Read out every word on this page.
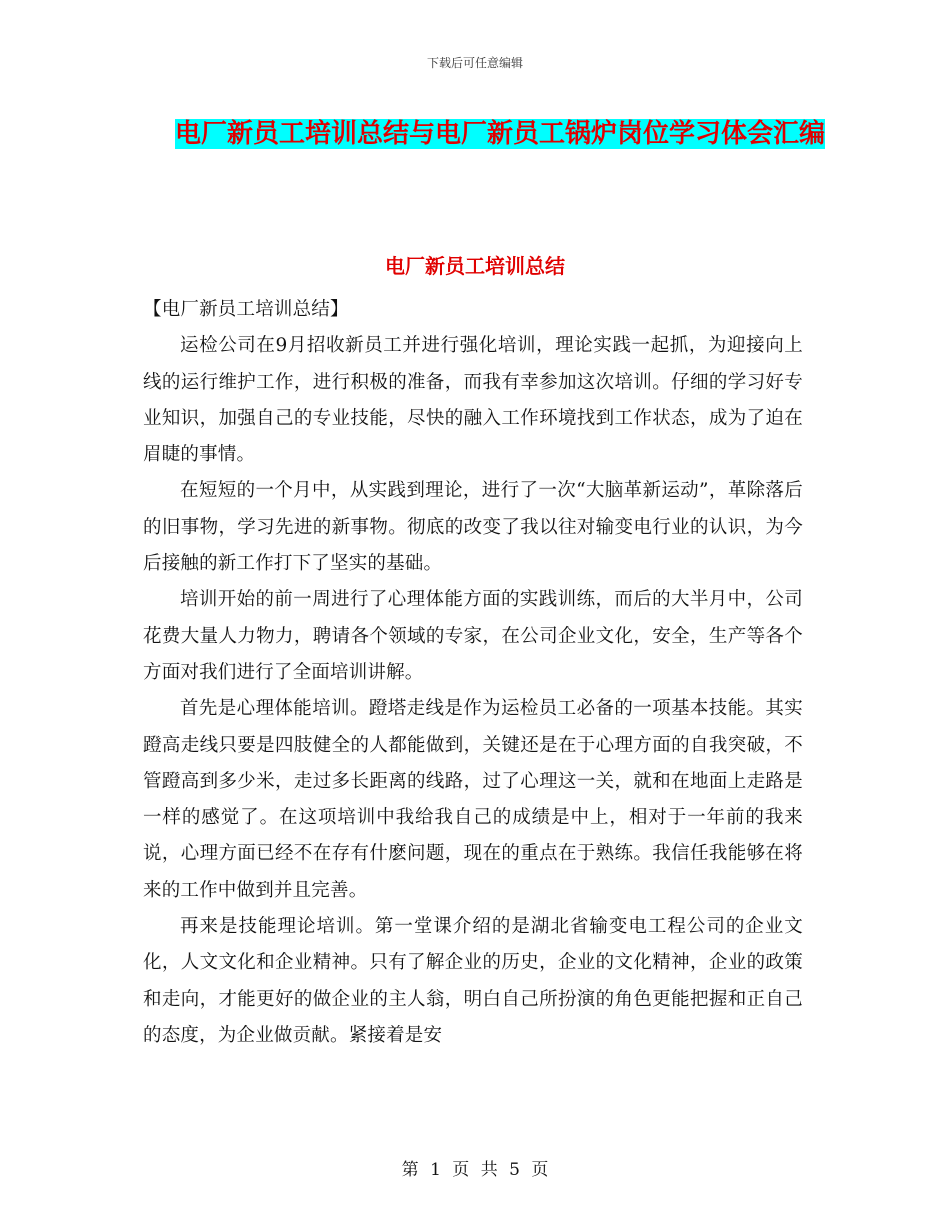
下载后可任意编辑
电厂新员工培训总结与电厂新员工锅炉岗位学习体会汇编
电厂新员工培训总结

【电厂新员工培训总结】

运检公司在9月招收新员工并进行强化培训，理论实践一起抓，为迎接向上线的运行维护工作，进行积极的准备，而我有幸参加这次培训。仔细的学习好专业知识，加强自己的专业技能，尽快的融入工作环境找到工作状态，成为了迫在眉睫的事情。

在短短的一个月中，从实践到理论，进行了一次“大脑革新运动”，革除落后的旧事物，学习先进的新事物。彻底的改变了我以往对输变电行业的认识，为今后接触的新工作打下了坚实的基础。

培训开始的前一周进行了心理体能方面的实践训练，而后的大半月中，公司花费大量人力物力，聘请各个领域的专家，在公司企业文化，安全，生产等各个方面对我们进行了全面培训讲解。

首先是心理体能培训。蹬塔走线是作为运检员工必备的一项基本技能。其实蹬高走线只要是四肢健全的人都能做到，关键还是在于心理方面的自我突破，不管蹬高到多少米，走过多长距离的线路，过了心理这一关，就和在地面上走路是一样的感觉了。在这项培训中我给我自己的成绩是中上，相对于一年前的我来说，心理方面已经不在存有什麽问题，现在的重点在于熟练。我信任我能够在将来的工作中做到并且完善。

再来是技能理论培训。第一堂课介绍的是湖北省输变电工程公司的企业文化，人文文化和企业精神。只有了解企业的历史，企业的文化精神，企业的政策和走向，才能更好的做企业的主人翁，明白自己所扮演的角色更能把握和正自己的态度，为企业做贡献。紧接着是安

第 1 页 共 5 页
